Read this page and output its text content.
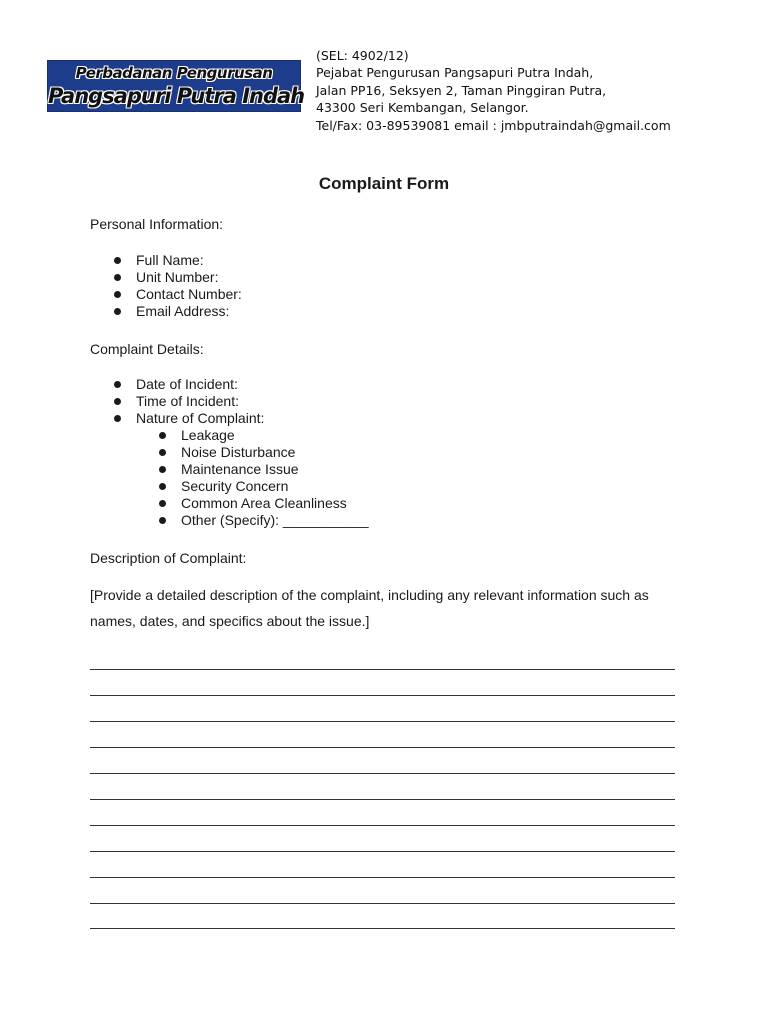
Perbadanan Pengurusan
Pangsapuri Putra Indah
(SEL: 4902/12)
Pejabat Pengurusan Pangsapuri Putra Indah,
Jalan PP16, Seksyen 2, Taman Pinggiran Putra,
43300 Seri Kembangan, Selangor.
Tel/Fax: 03-89539081 email : jmbputraindah@gmail.com
Complaint Form
Personal Information:
Full Name:
Unit Number:
Contact Number:
Email Address:
Complaint Details:
Date of Incident:
Time of Incident:
Nature of Complaint:
Leakage
Noise Disturbance
Maintenance Issue
Security Concern
Common Area Cleanliness
Other (Specify): ___________
Description of Complaint:
[Provide a detailed description of the complaint, including any relevant information such as names, dates, and specifics about the issue.]
